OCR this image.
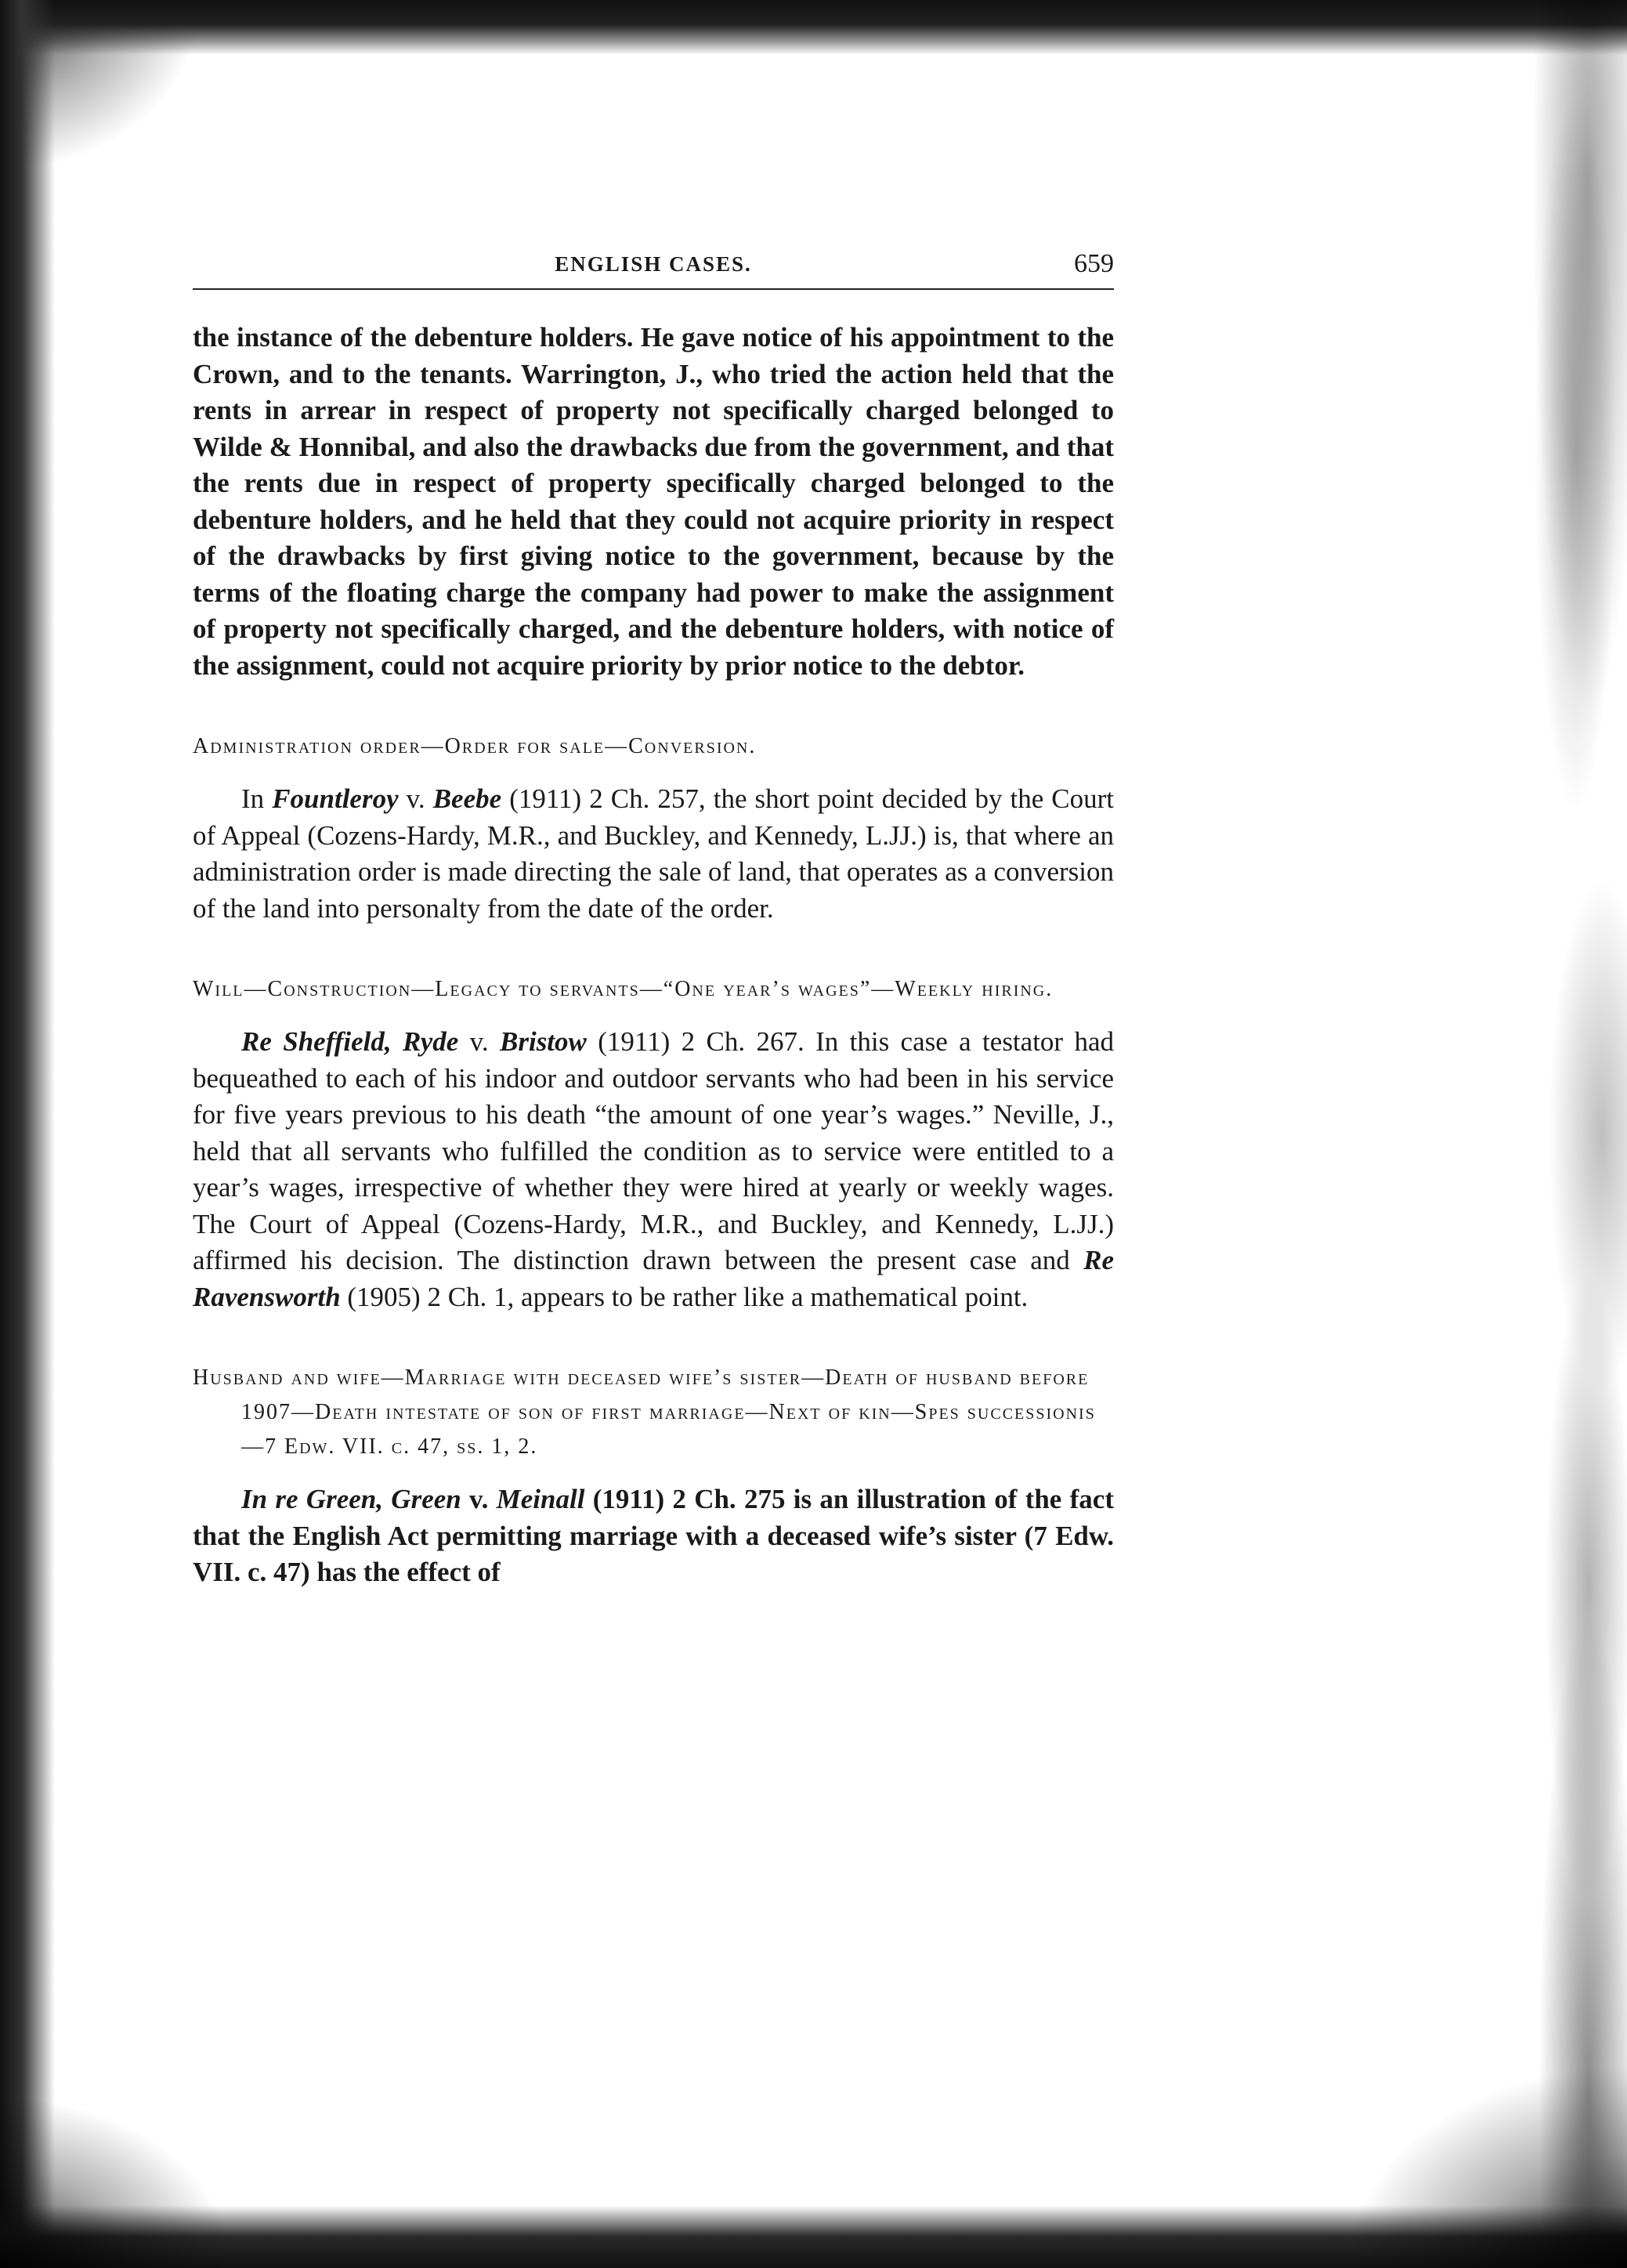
ENGLISH CASES.	659

the instance of the debenture holders. He gave notice of his appointment to the Crown, and to the tenants. Warrington, J., who tried the action held that the rents in arrear in respect of property not specifically charged belonged to Wilde & Honnibal, and also the drawbacks due from the government, and that the rents due in respect of property specifically charged belonged to the debenture holders, and he held that they could not acquire priority in respect of the drawbacks by first giving notice to the government, because by the terms of the floating charge the company had power to make the assignment of property not specifically charged, and the debenture holders, with notice of the assignment, could not acquire priority by prior notice to the debtor.

Administration order—Order for sale—Conversion.

In Fountleroy v. Beebe (1911) 2 Ch. 257, the short point decided by the Court of Appeal (Cozens-Hardy, M.R., and Buckley, and Kennedy, L.JJ.) is, that where an administration order is made directing the sale of land, that operates as a conversion of the land into personalty from the date of the order.

Will—Construction—Legacy to servants—“One year’s wages”—Weekly hiring.

Re Sheffield, Ryde v. Bristow (1911) 2 Ch. 267. In this case a testator had bequeathed to each of his indoor and outdoor servants who had been in his service for five years previous to his death “the amount of one year’s wages.” Neville, J., held that all servants who fulfilled the condition as to service were entitled to a year’s wages, irrespective of whether they were hired at yearly or weekly wages. The Court of Appeal (Cozens-Hardy, M.R., and Buckley, and Kennedy, L.JJ.) affirmed his decision. The distinction drawn between the present case and Re Ravensworth (1905) 2 Ch. 1, appears to be rather like a mathematical point.

Husband and wife—Marriage with deceased wife’s sister—Death of husband before 1907—Death intestate of son of first marriage—Next of kin—Spes successionis—7 Edw. VII. c. 47, ss. 1, 2.

In re Green, Green v. Meinall (1911) 2 Ch. 275 is an illustration of the fact that the English Act permitting marriage with a deceased wife’s sister (7 Edw. VII. c. 47) has the effect of
